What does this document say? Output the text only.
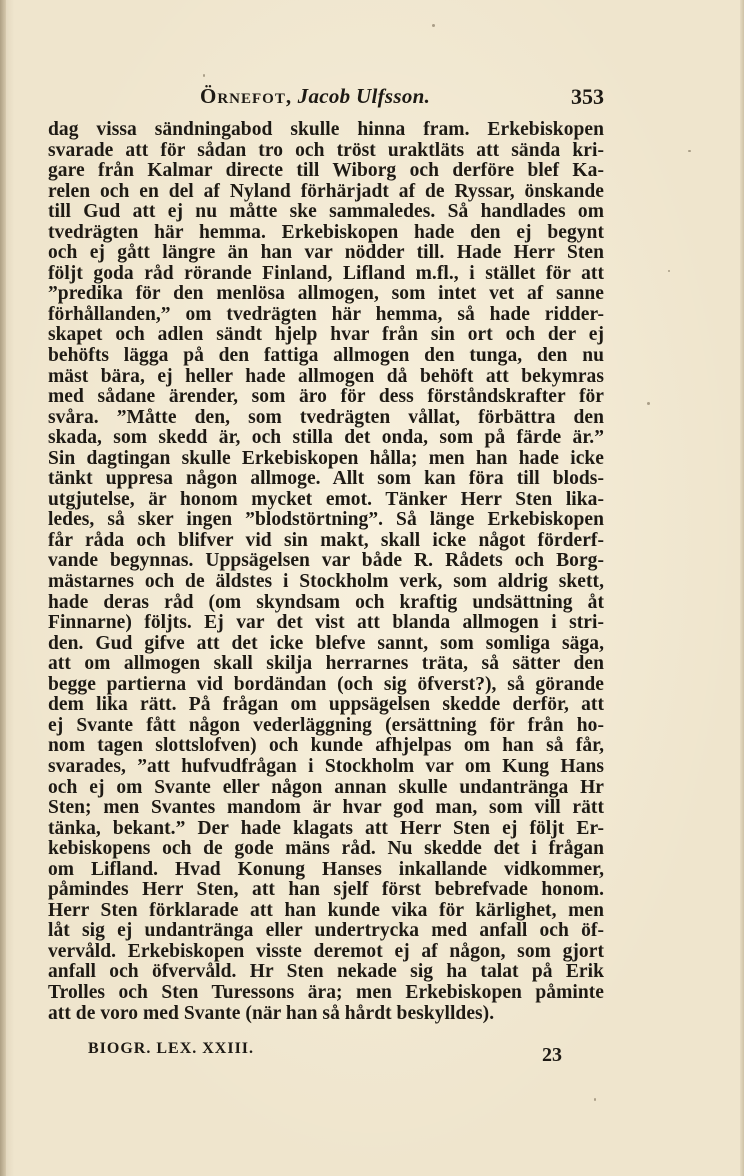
Örnefot, Jacob Ulfsson.	353
dag vissa sändningabod skulle hinna fram. Erkebiskopen
svarade att för sådan tro och tröst uraktläts att sända kri-
gare från Kalmar directe till Wiborg och derföre blef Ka-
relen och en del af Nyland förhärjadt af de Ryssar, önskande
till Gud att ej nu måtte ske sammaledes. Så handlades om
tvedrägten här hemma. Erkebiskopen hade den ej begynt
och ej gått längre än han var nödder till. Hade Herr Sten
följt goda råd rörande Finland, Lifland m.fl., i stället för att
”predika för den menlösa allmogen, som intet vet af sanne
förhållanden,” om tvedrägten här hemma, så hade ridder-
skapet och adlen sändt hjelp hvar från sin ort och der ej
behöfts lägga på den fattiga allmogen den tunga, den nu
mäst bära, ej heller hade allmogen då behöft att bekymras
med sådane ärender, som äro för dess förståndskrafter för
svåra. ”Måtte den, som tvedrägten vållat, förbättra den
skada, som skedd är, och stilla det onda, som på färde är.”
Sin dagtingan skulle Erkebiskopen hålla; men han hade icke
tänkt uppresa någon allmoge. Allt som kan föra till blods-
utgjutelse, är honom mycket emot. Tänker Herr Sten lika-
ledes, så sker ingen ”blodstörtning”. Så länge Erkebiskopen
får råda och blifver vid sin makt, skall icke något förderf-
vande begynnas. Uppsägelsen var både R. Rådets och Borg-
mästarnes och de äldstes i Stockholm verk, som aldrig skett,
hade deras råd (om skyndsam och kraftig undsättning åt
Finnarne) följts. Ej var det vist att blanda allmogen i stri-
den. Gud gifve att det icke blefve sannt, som somliga säga,
att om allmogen skall skilja herrarnes träta, så sätter den
begge partierna vid bordändan (och sig öfverst?), så görande
dem lika rätt. På frågan om uppsägelsen skedde derför, att
ej Svante fått någon vederläggning (ersättning för från ho-
nom tagen slottslofven) och kunde afhjelpas om han så får,
svarades, ”att hufvudfrågan i Stockholm var om Kung Hans
och ej om Svante eller någon annan skulle undantränga Hr
Sten; men Svantes mandom är hvar god man, som vill rätt
tänka, bekant.” Der hade klagats att Herr Sten ej följt Er-
kebiskopens och de gode mäns råd. Nu skedde det i frågan
om Lifland. Hvad Konung Hanses inkallande vidkommer,
påmindes Herr Sten, att han sjelf först bebrefvade honom.
Herr Sten förklarade att han kunde vika för kärlighet, men
låt sig ej undantränga eller undertrycka med anfall och öf-
vervåld. Erkebiskopen visste deremot ej af någon, som gjort
anfall och öfvervåld. Hr Sten nekade sig ha talat på Erik
Trolles och Sten Turessons ära; men Erkebiskopen påminte
att de voro med Svante (när han så hårdt beskylldes).
BIOGR. LEX. XXIII.	23
